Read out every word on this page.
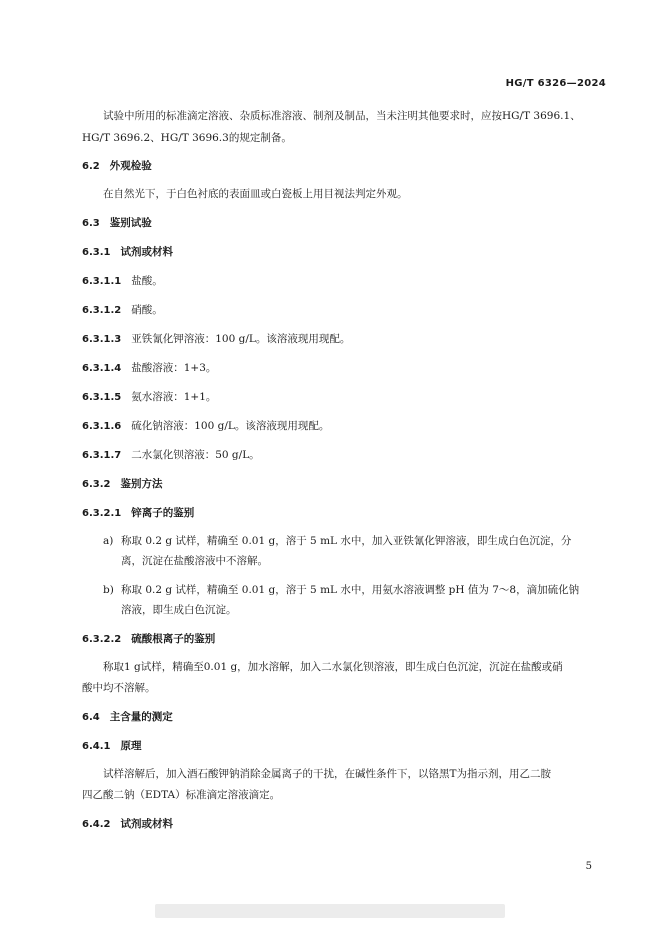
HG/T 6326—2024
试验中所用的标准滴定溶液、杂质标准溶液、制剂及制品，当未注明其他要求时，应按HG/T 3696.1、
HG/T 3696.2、HG/T 3696.3的规定制备。
6.2 外观检验
在自然光下，于白色衬底的表面皿或白瓷板上用目视法判定外观。
6.3 鉴别试验
6.3.1 试剂或材料
6.3.1.1 盐酸。
6.3.1.2 硝酸。
6.3.1.3 亚铁氰化钾溶液：100 g/L。该溶液现用现配。
6.3.1.4 盐酸溶液：1+3。
6.3.1.5 氨水溶液：1+1。
6.3.1.6 硫化钠溶液：100 g/L。该溶液现用现配。
6.3.1.7 二水氯化钡溶液：50 g/L。
6.3.2 鉴别方法
6.3.2.1 锌离子的鉴别
a) 称取 0.2 g 试样，精确至 0.01 g，溶于 5 mL 水中，加入亚铁氰化钾溶液，即生成白色沉淀，分
离，沉淀在盐酸溶液中不溶解。
b) 称取 0.2 g 试样，精确至 0.01 g，溶于 5 mL 水中，用氨水溶液调整 pH 值为 7～8，滴加硫化钠
溶液，即生成白色沉淀。
6.3.2.2 硫酸根离子的鉴别
称取1 g试样，精确至0.01 g，加水溶解，加入二水氯化钡溶液，即生成白色沉淀，沉淀在盐酸或硝
酸中均不溶解。
6.4 主含量的测定
6.4.1 原理
试样溶解后，加入酒石酸钾钠消除金属离子的干扰，在碱性条件下，以铬黑T为指示剂，用乙二胺
四乙酸二钠（EDTA）标准滴定溶液滴定。
6.4.2 试剂或材料
5
